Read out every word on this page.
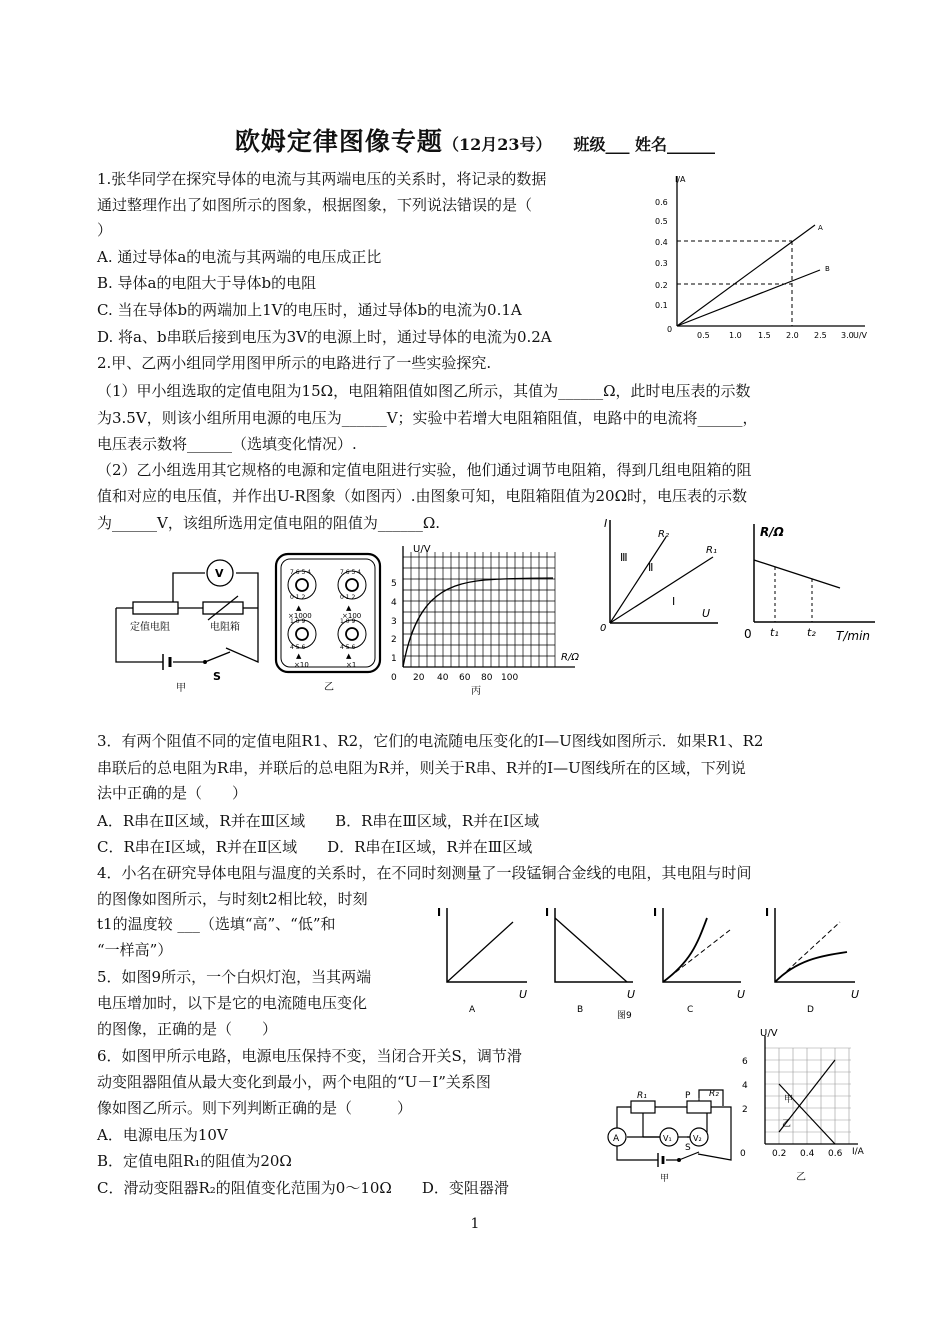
欧姆定律图像专题（12月23号） 班级___ 姓名______
1.张华同学在探究导体的电流与其两端电压的关系时，将记录的数据
通过整理作出了如图所示的图象，根据图象，下列说法错误的是（
）
A. 通过导体a的电流与其两端的电压成正比
B. 导体a的电阻大于导体b的电阻
C. 当在导体b的两端加上1V的电压时，通过导体b的电流为0.1A
D. 将a、b串联后接到电压为3V的电源上时，通过导体的电流为0.2A
I/A
U/V
0
0.6
0.5
0.4
0.3
0.2
0.1
0.5 1.0 1.5 2.0 2.5 3.0
A
B
2.甲、乙两小组同学用图甲所示的电路进行了一些实验探究.
（1）甲小组选取的定值电阻为15Ω，电阻箱阻值如图乙所示，其值为______Ω，此时电压表的示数
为3.5V，则该小组所用电源的电压为______V；实验中若增大电阻箱阻值，电路中的电流将______，
电压表示数将______（选填变化情况）.
（2）乙小组选用其它规格的电源和定值电阻进行实验，他们通过调节电阻箱，得到几组电阻箱的阻
值和对应的电压值，并作出U-R图象（如图丙）.由图象可知，电阻箱阻值为20Ω时，电压表的示数
为______V，该组所选用定值电阻的阻值为______Ω.
V
定值电阻	电阻箱
S
甲
7 6 5 4	7 6 5 4
0 1 2	0 1 2
1 0 9	1 0 9
4 5 6	4 5 6
▲	▲
▲	▲
×1000	×100
×10	×1
乙
U/V
R/Ω
5
4
3
2
1
0 20 40 60 80 100
丙
I
U
0
R₂
R₁
Ⅲ
Ⅱ
Ⅰ
R/Ω
T/min
0 t₁	t₂
3．有两个阻值不同的定值电阻R1、R2，它们的电流随电压变化的I—U图线如图所示．如果R1、R2
串联后的总电阻为R串，并联后的总电阻为R并，则关于R串、R并的I—U图线所在的区域，下列说
法中正确的是（　　）
A．R串在Ⅱ区域，R并在Ⅲ区域　　B．R串在Ⅲ区域，R并在Ⅰ区域
C．R串在Ⅰ区域，R并在Ⅱ区域　　D．R串在Ⅰ区域，R并在Ⅲ区域
4．小名在研究导体电阻与温度的关系时，在不同时刻测量了一段锰铜合金线的电阻，其电阻与时间
的图像如图所示，与时刻t2相比较，时刻
t1的温度较 ___（选填“高”、“低”和
“一样高”）
5．如图9所示，一个白炽灯泡，当其两端
电压增加时，以下是它的电流随电压变化
的图像，正确的是（　　）
I	I	I	I
U	U	U	U
A	B
图9
C	D
6．如图甲所示电路，电源电压保持不变，当闭合开关S，调节滑
动变阻器阻值从最大变化到最小，两个电阻的“U－I”关系图
像如图乙所示。则下列判断正确的是（　　　）
A．电源电压为10V
B．定值电阻R₁的阻值为20Ω
C．滑动变阻器R₂的阻值变化范围为0～10Ω　　D．变阻器滑
A	V₁	V₂
R₁	R₂
P
S
甲
U/V
I/A
甲
乙
6
4
2
0	0.2 0.4 0.6
乙
1
